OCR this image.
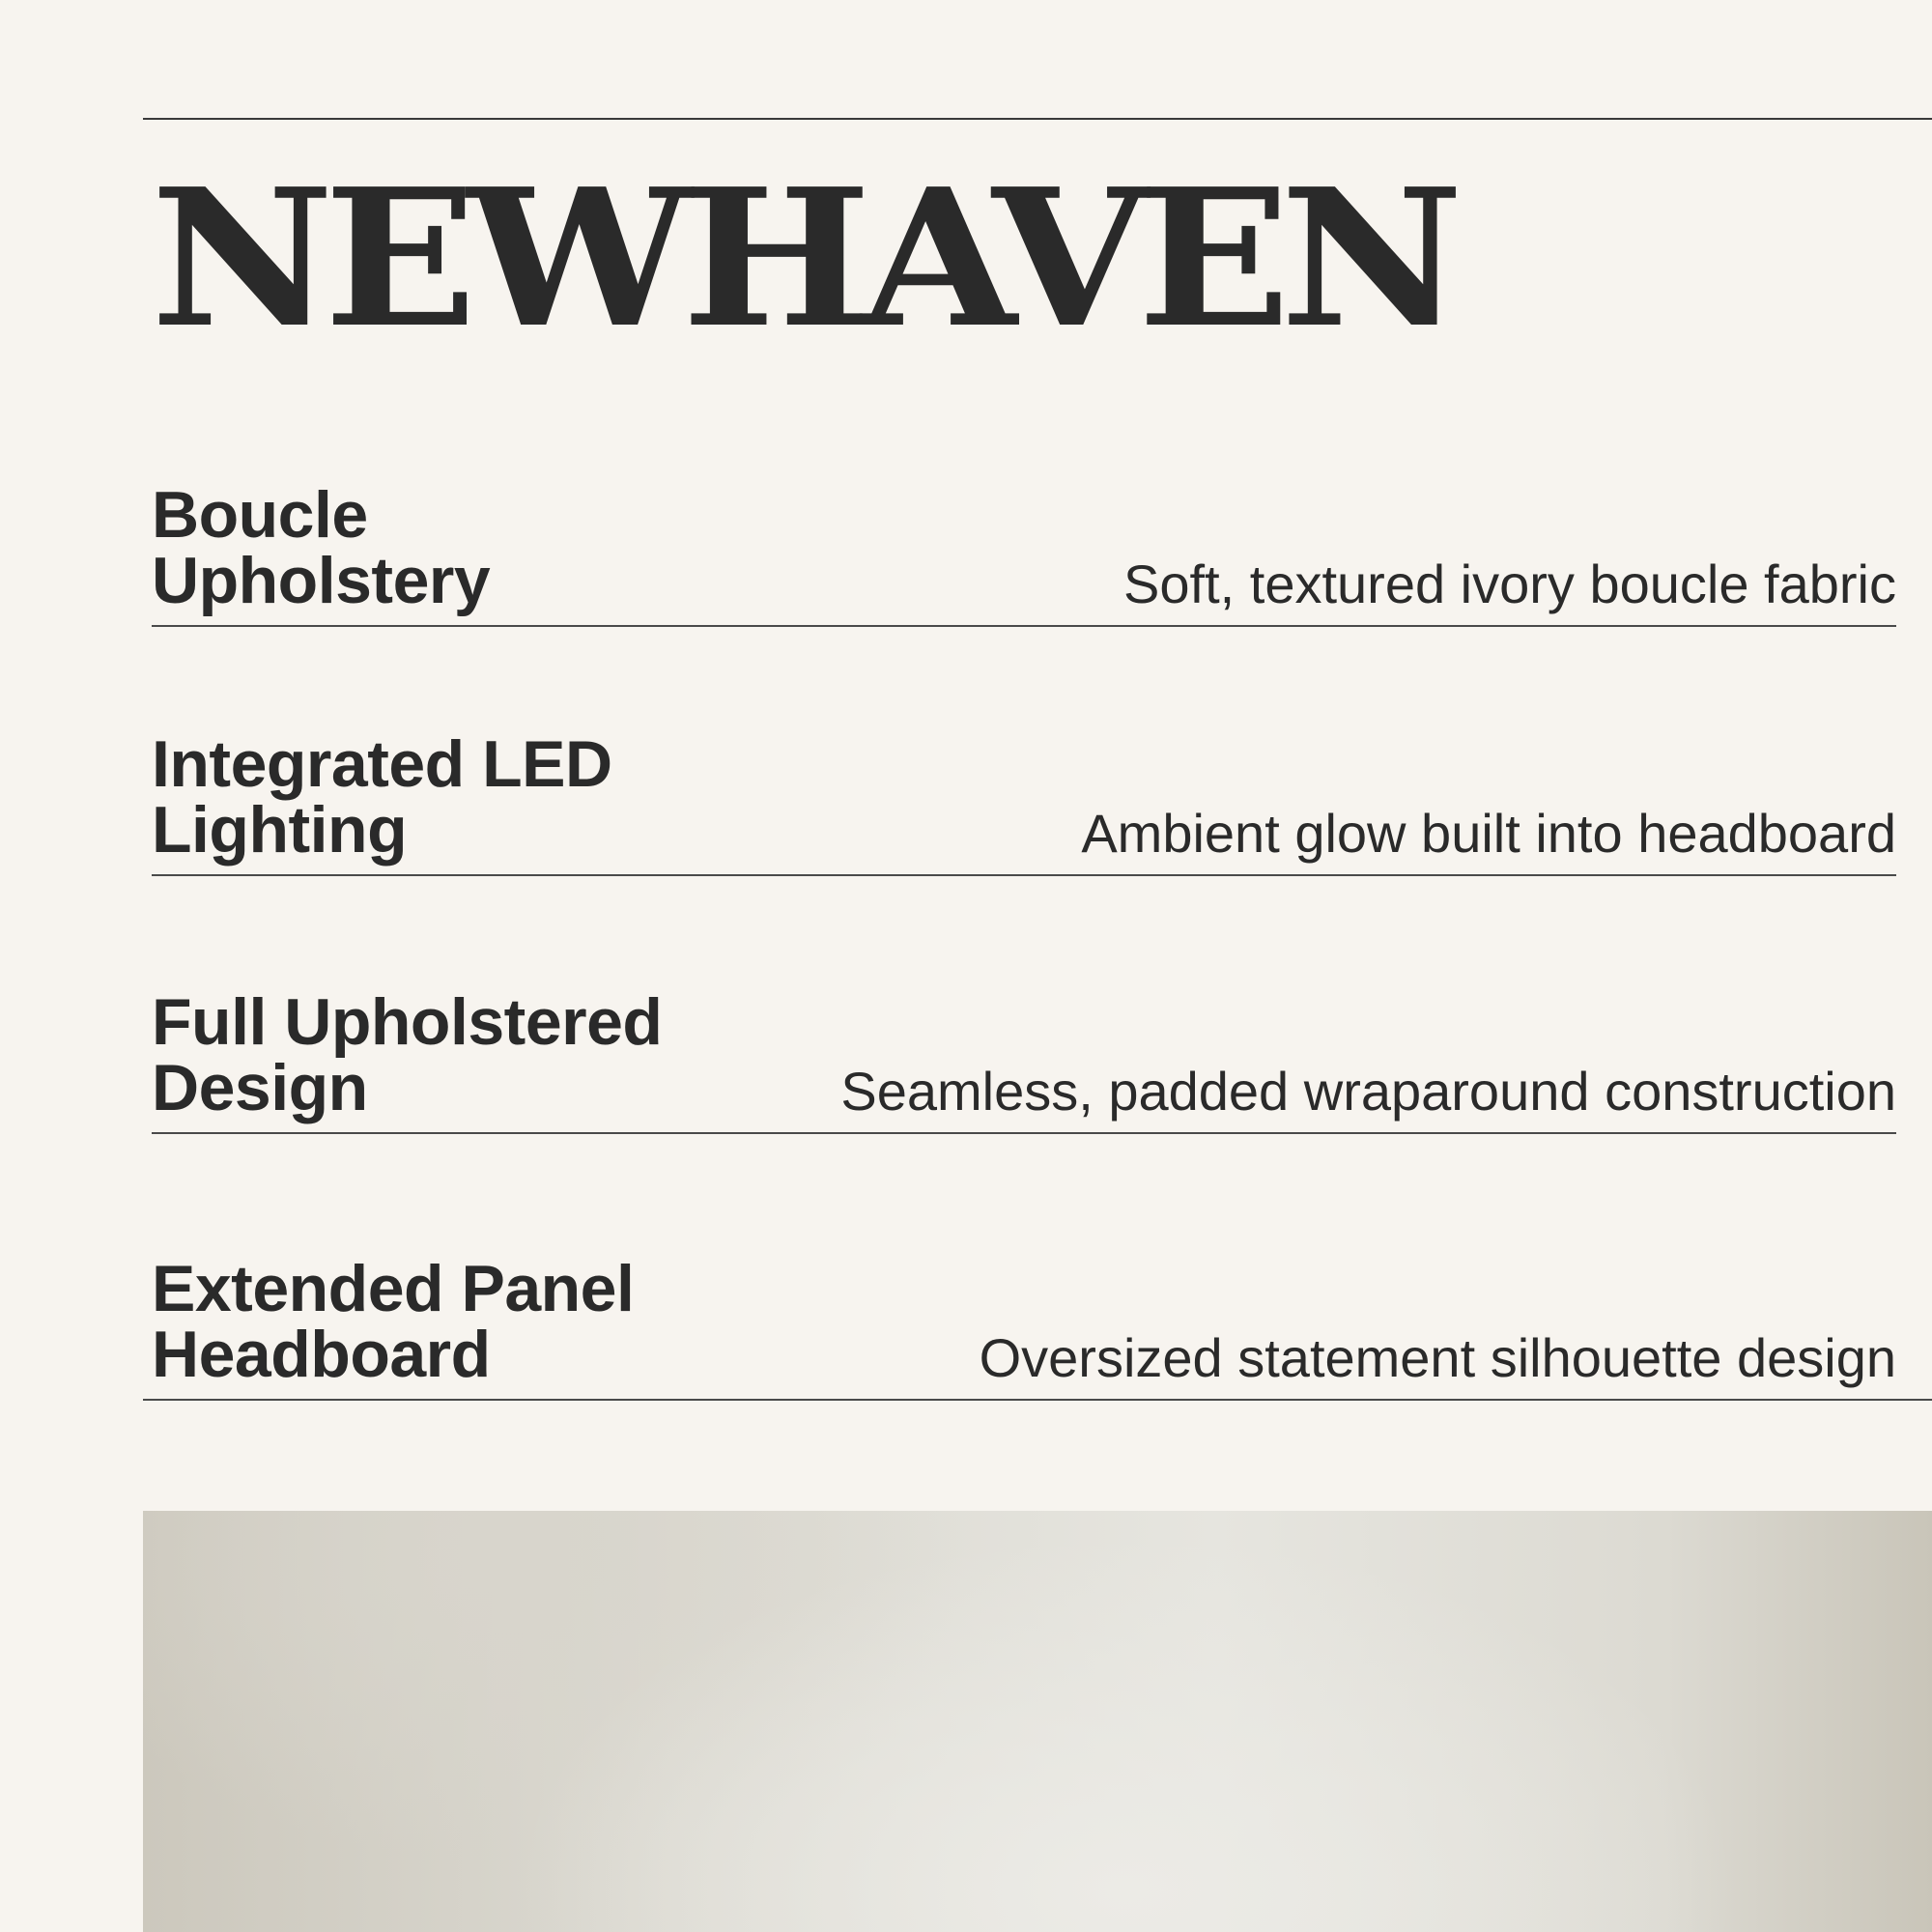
NEWHAVEN
Boucle
Upholstery	Soft, textured ivory boucle fabric

Integrated LED
Lighting	Ambient glow built into headboard

Full Upholstered
Design	Seamless, padded wraparound construction

Extended Panel
Headboard	Oversized statement silhouette design
